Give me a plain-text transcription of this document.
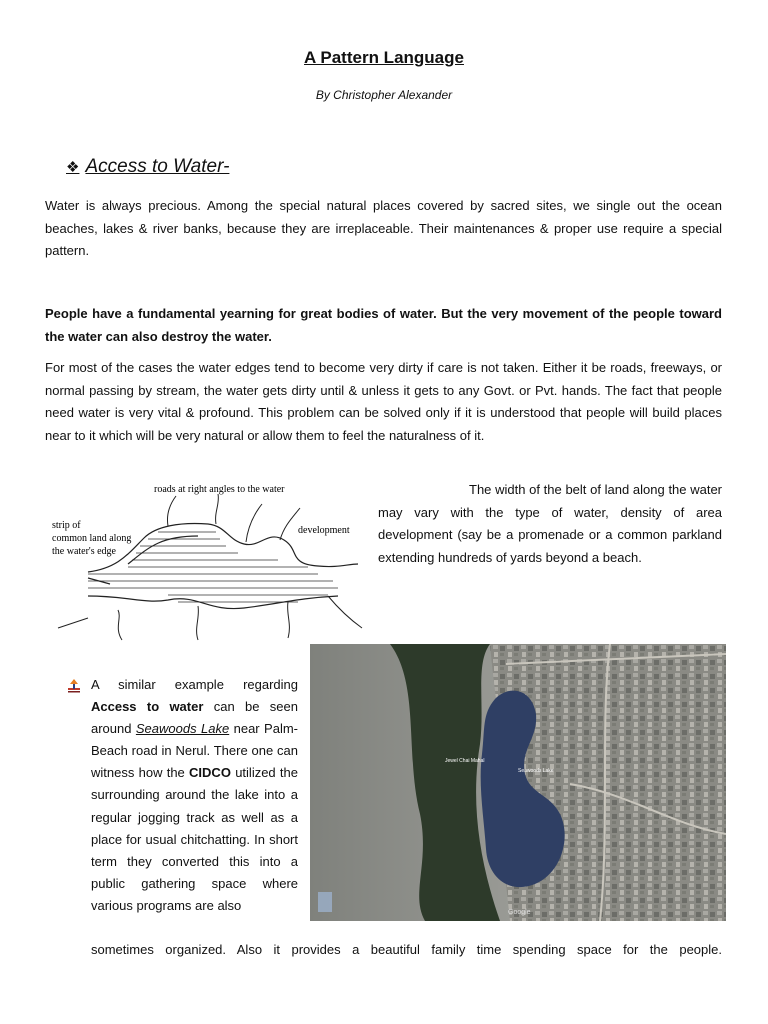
A Pattern Language
By Christopher Alexander
❖ Access to Water-

Water is always precious. Among the special natural places covered by sacred sites, we single out the ocean beaches, lakes & river banks, because they are irreplaceable. Their maintenances & proper use require a special pattern.

People have a fundamental yearning for great bodies of water. But the very movement of the people toward the water can also destroy the water.

For most of the cases the water edges tend to become very dirty if care is not taken. Either it be roads, freeways, or normal passing by stream, the water gets dirty until & unless it gets to any Govt. or Pvt. hands. The fact that people need water is very vital & profound. This problem can be solved only if it is understood that people will build places near to it which will be very natural or allow them to feel the naturalness of it.

roads at right angles to the water
strip of
common land along
the water's edge
development
The width of the belt of land along the water may vary with the type of water, density of area development (say be a promenade or a common parkland extending hundreds of yards beyond a beach.
A similar example regarding Access to water can be seen around Seawoods Lake near Palm-Beach road in Nerul. There one can witness how the CIDCO utilized the surrounding around the lake into a regular jogging track as well as a place for usual chitchatting. In short term they converted this into a public gathering space where various programs are also
sometimes organized. Also it provides a beautiful family time spending space for the people.
Jewel Chai Mahal
Seawoods Lake
Google
